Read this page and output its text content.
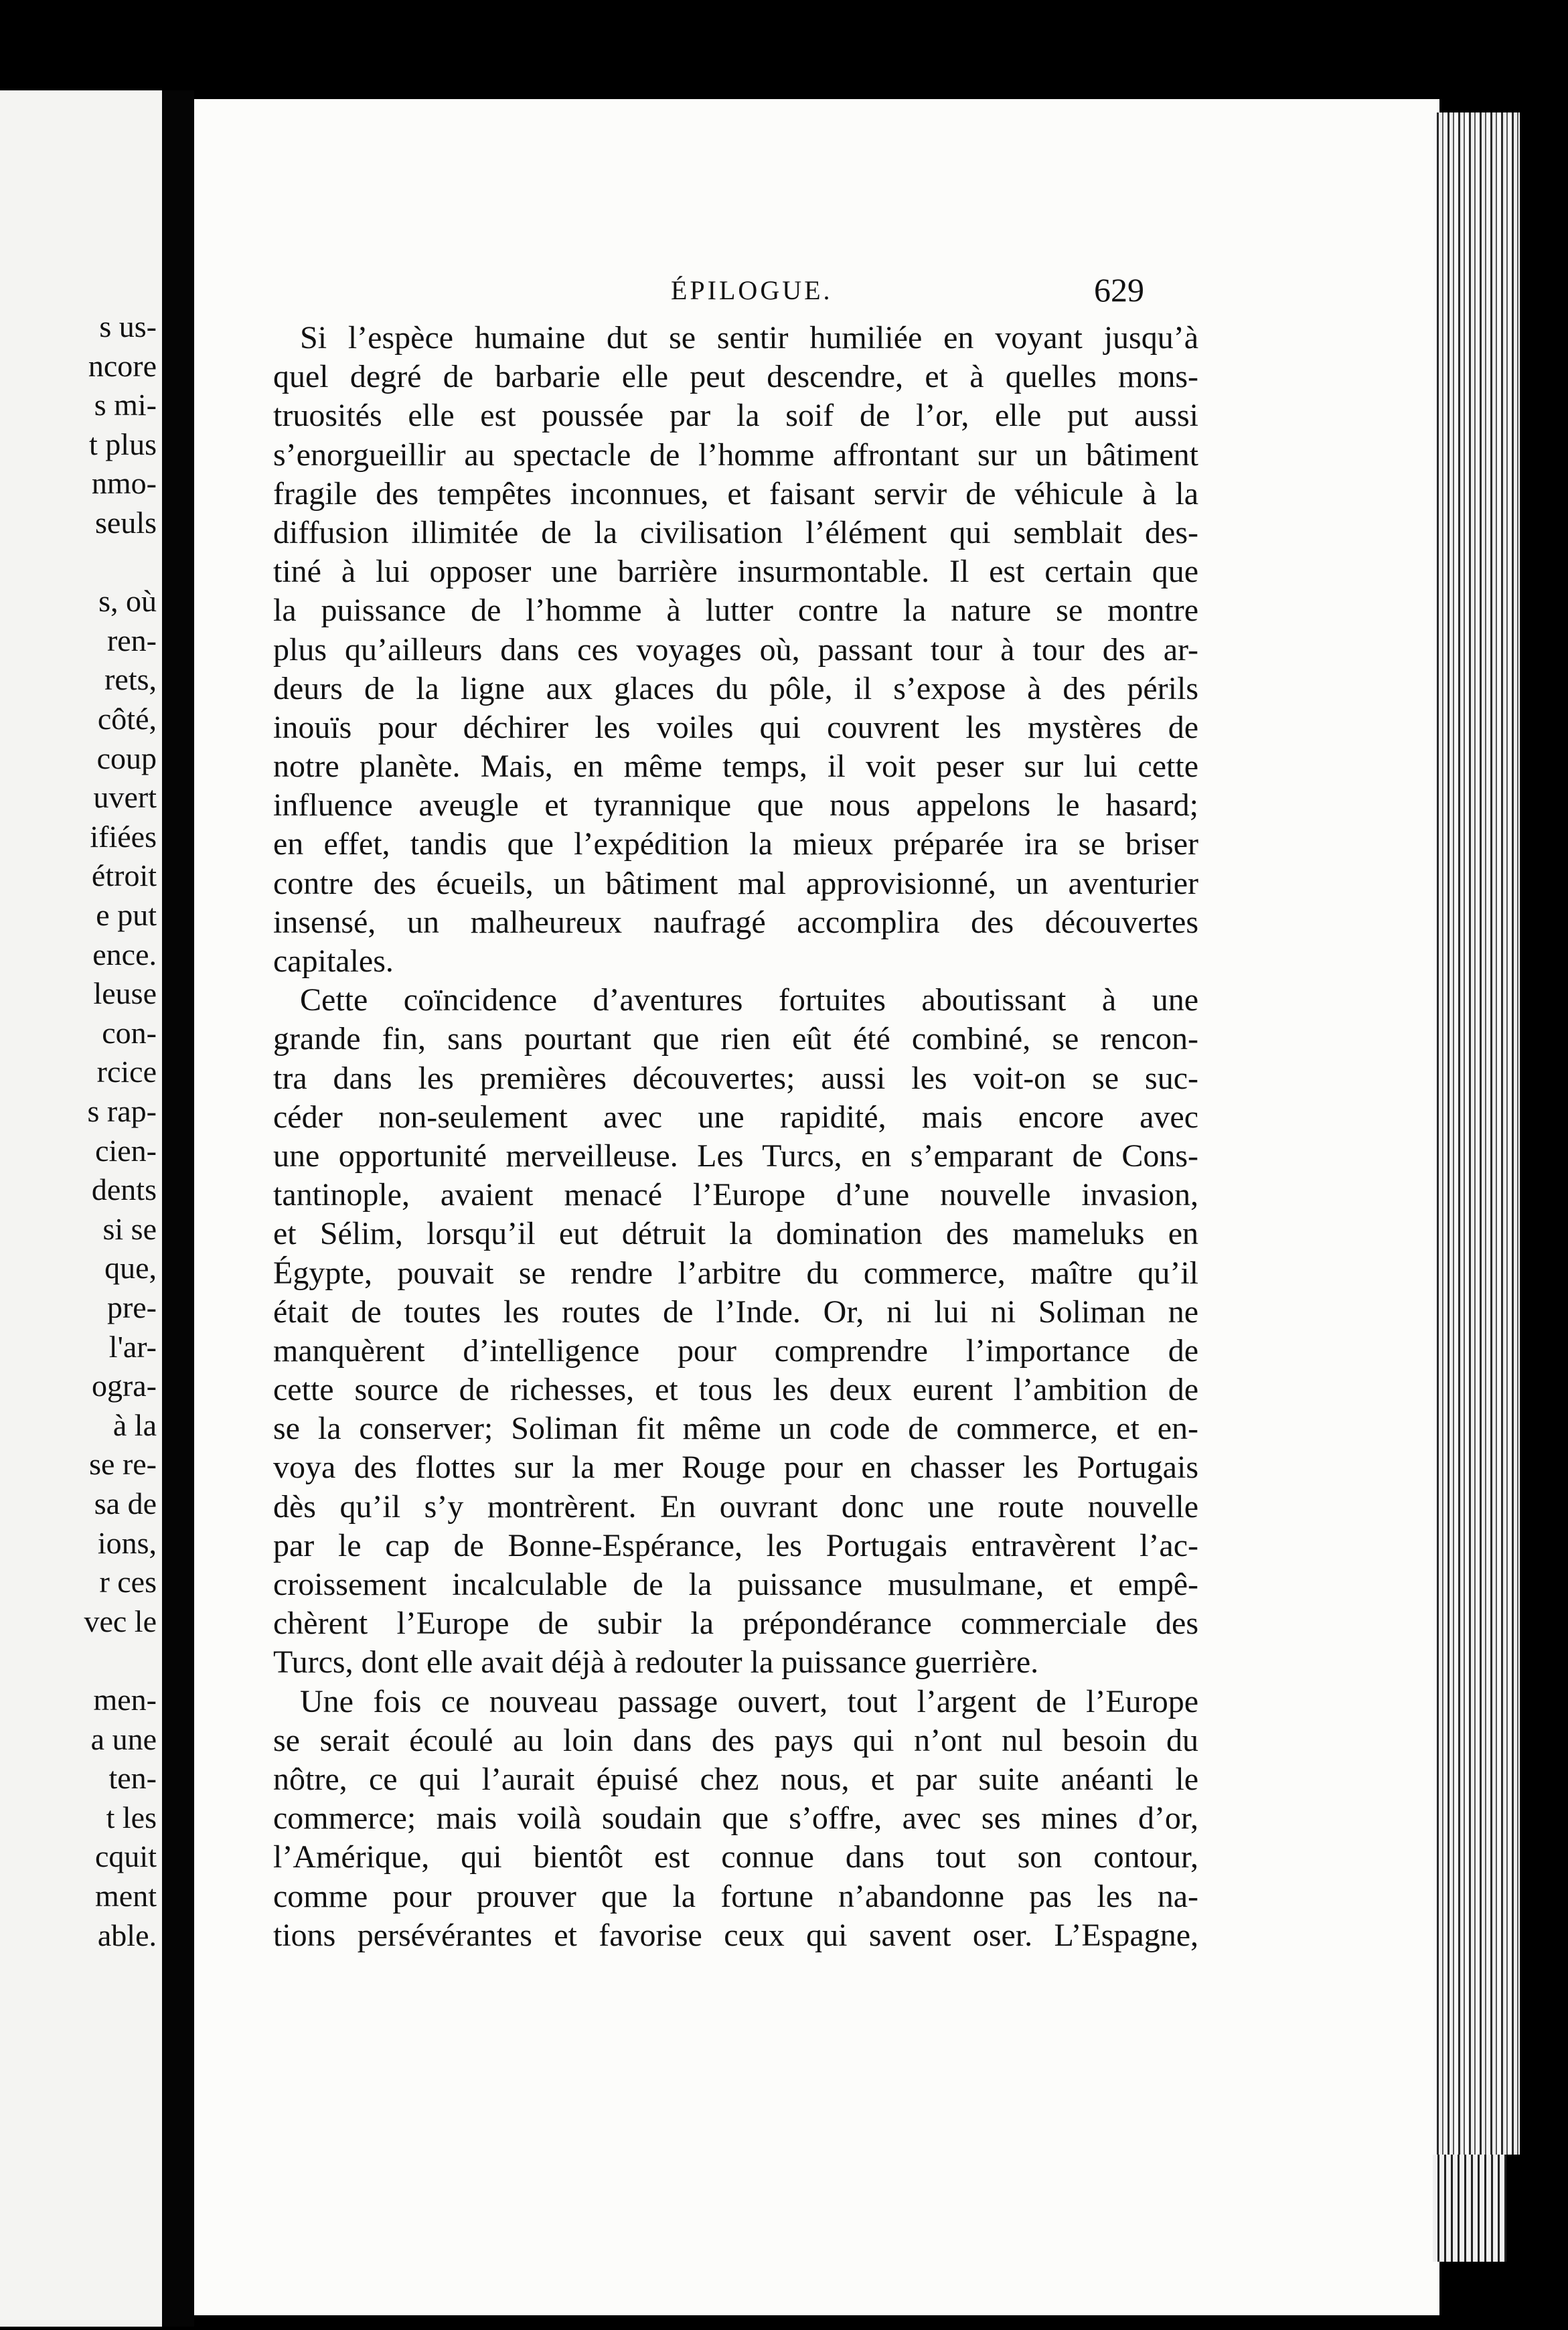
s us-
ncore
s mi-
t plus
nmo-
seuls
s, où
ren-
rets,
côté,
coup
uvert
ifiées
étroit
e put
ence.
leuse
con-
rcice
s rap-
cien-
dents
si se
que,
pre-
l'ar-
ogra-
à la
se re-
sa de
ions,
r ces
vec le
men-
a une
ten-
t les
cquit
ment
able.
ÉPILOGUE.	629
Si l’espèce humaine dut se sentir humiliée en voyant jusqu’à
quel degré de barbarie elle peut descendre, et à quelles mons-
truosités elle est poussée par la soif de l’or, elle put aussi
s’enorgueillir au spectacle de l’homme affrontant sur un bâtiment
fragile des tempêtes inconnues, et faisant servir de véhicule à la
diffusion illimitée de la civilisation l’élément qui semblait des-
tiné à lui opposer une barrière insurmontable. Il est certain que
la puissance de l’homme à lutter contre la nature se montre
plus qu’ailleurs dans ces voyages où, passant tour à tour des ar-
deurs de la ligne aux glaces du pôle, il s’expose à des périls
inouïs pour déchirer les voiles qui couvrent les mystères de
notre planète. Mais, en même temps, il voit peser sur lui cette
influence aveugle et tyrannique que nous appelons le hasard;
en effet, tandis que l’expédition la mieux préparée ira se briser
contre des écueils, un bâtiment mal approvisionné, un aventurier
insensé, un malheureux naufragé accomplira des découvertes
capitales.
Cette coïncidence d’aventures fortuites aboutissant à une
grande fin, sans pourtant que rien eût été combiné, se rencon-
tra dans les premières découvertes; aussi les voit-on se suc-
céder non-seulement avec une rapidité, mais encore avec
une opportunité merveilleuse. Les Turcs, en s’emparant de Cons-
tantinople, avaient menacé l’Europe d’une nouvelle invasion,
et Sélim, lorsqu’il eut détruit la domination des mameluks en
Égypte, pouvait se rendre l’arbitre du commerce, maître qu’il
était de toutes les routes de l’Inde. Or, ni lui ni Soliman ne
manquèrent d’intelligence pour comprendre l’importance de
cette source de richesses, et tous les deux eurent l’ambition de
se la conserver; Soliman fit même un code de commerce, et en-
voya des flottes sur la mer Rouge pour en chasser les Portugais
dès qu’il s’y montrèrent. En ouvrant donc une route nouvelle
par le cap de Bonne-Espérance, les Portugais entravèrent l’ac-
croissement incalculable de la puissance musulmane, et empê-
chèrent l’Europe de subir la prépondérance commerciale des
Turcs, dont elle avait déjà à redouter la puissance guerrière.
Une fois ce nouveau passage ouvert, tout l’argent de l’Europe
se serait écoulé au loin dans des pays qui n’ont nul besoin du
nôtre, ce qui l’aurait épuisé chez nous, et par suite anéanti le
commerce; mais voilà soudain que s’offre, avec ses mines d’or,
l’Amérique, qui bientôt est connue dans tout son contour,
comme pour prouver que la fortune n’abandonne pas les na-
tions persévérantes et favorise ceux qui savent oser. L’Espagne,
